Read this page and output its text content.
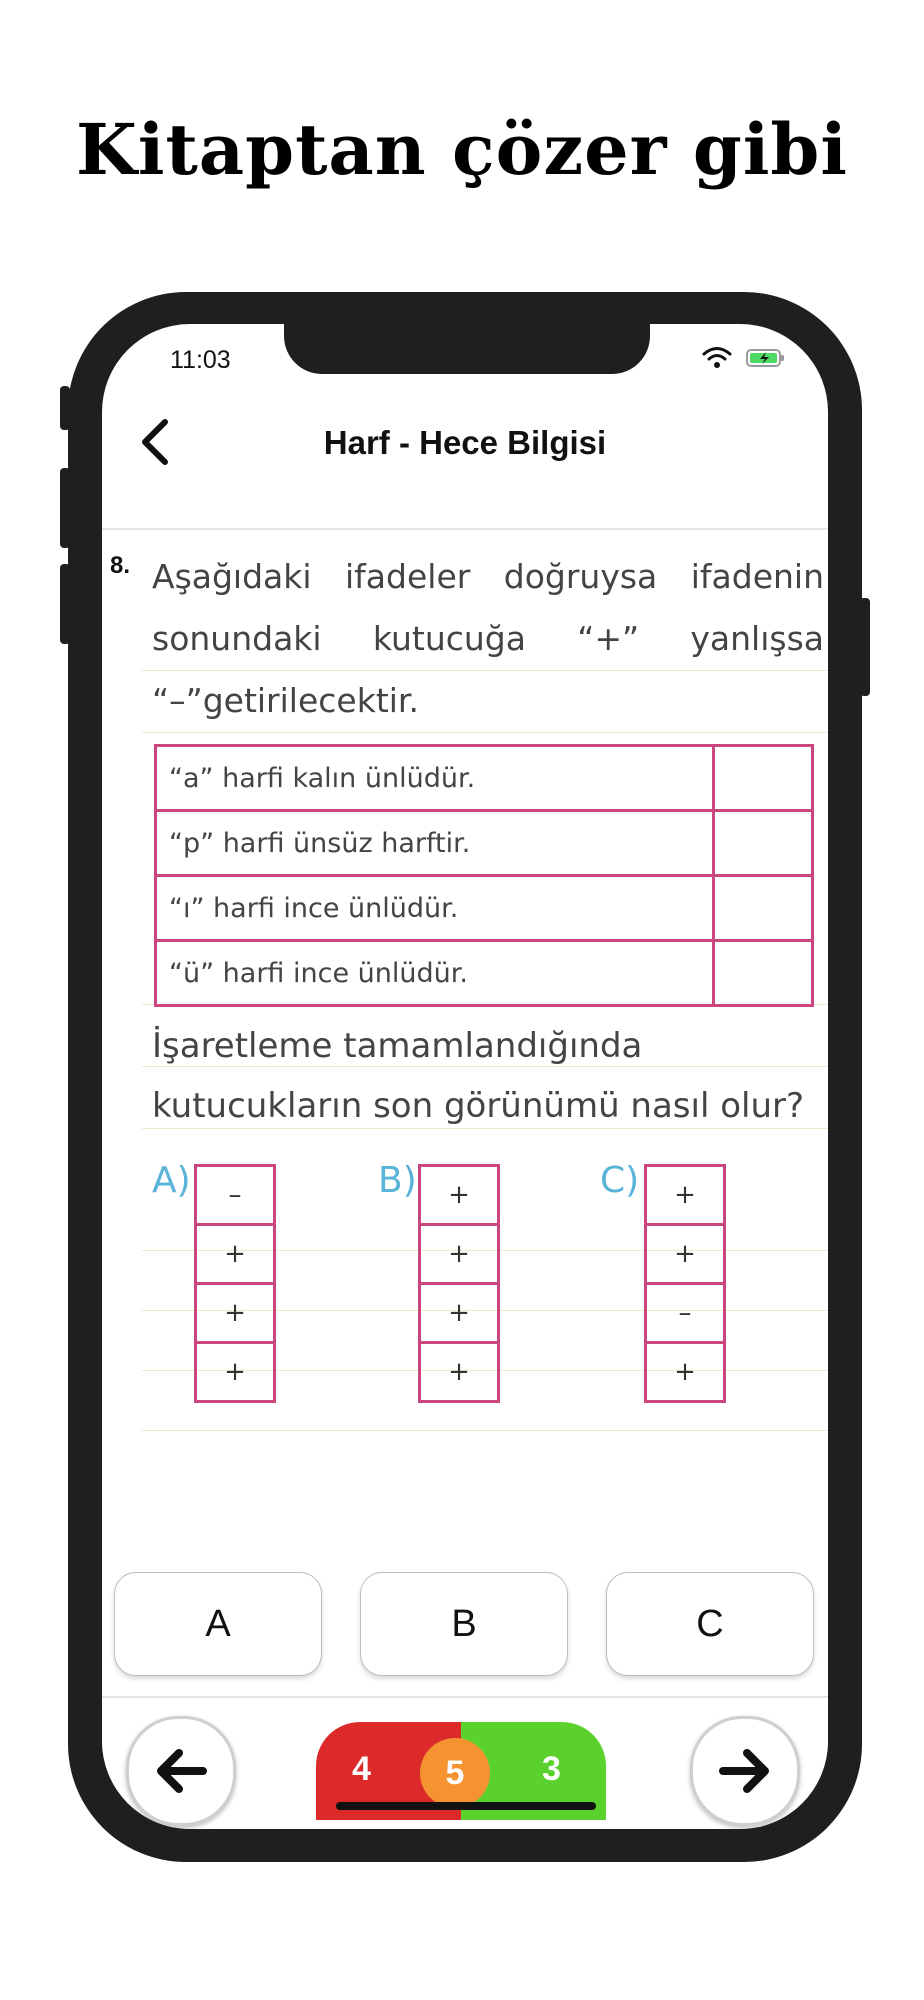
Kitaptan çözer gibi
11:03
Harf - Hece Bilgisi
8. Aşağıdaki ifadeler doğruysa ifadenin sonundaki kutucuğa “+” yanlışsa “–”getirilecektir.
“a” harfi kalın ünlüdür.	
“p” harfi ünsüz harftir.	
“ı” harfi ince ünlüdür.	
“ü” harfi ince ünlüdür.	
İşaretleme tamamlandığında kutucukların son görünümü nasıl olur?
A)	–
+
+
+
B)	+
+
+
+
C)	+
+
–
+
A	B	C
4	3
5
